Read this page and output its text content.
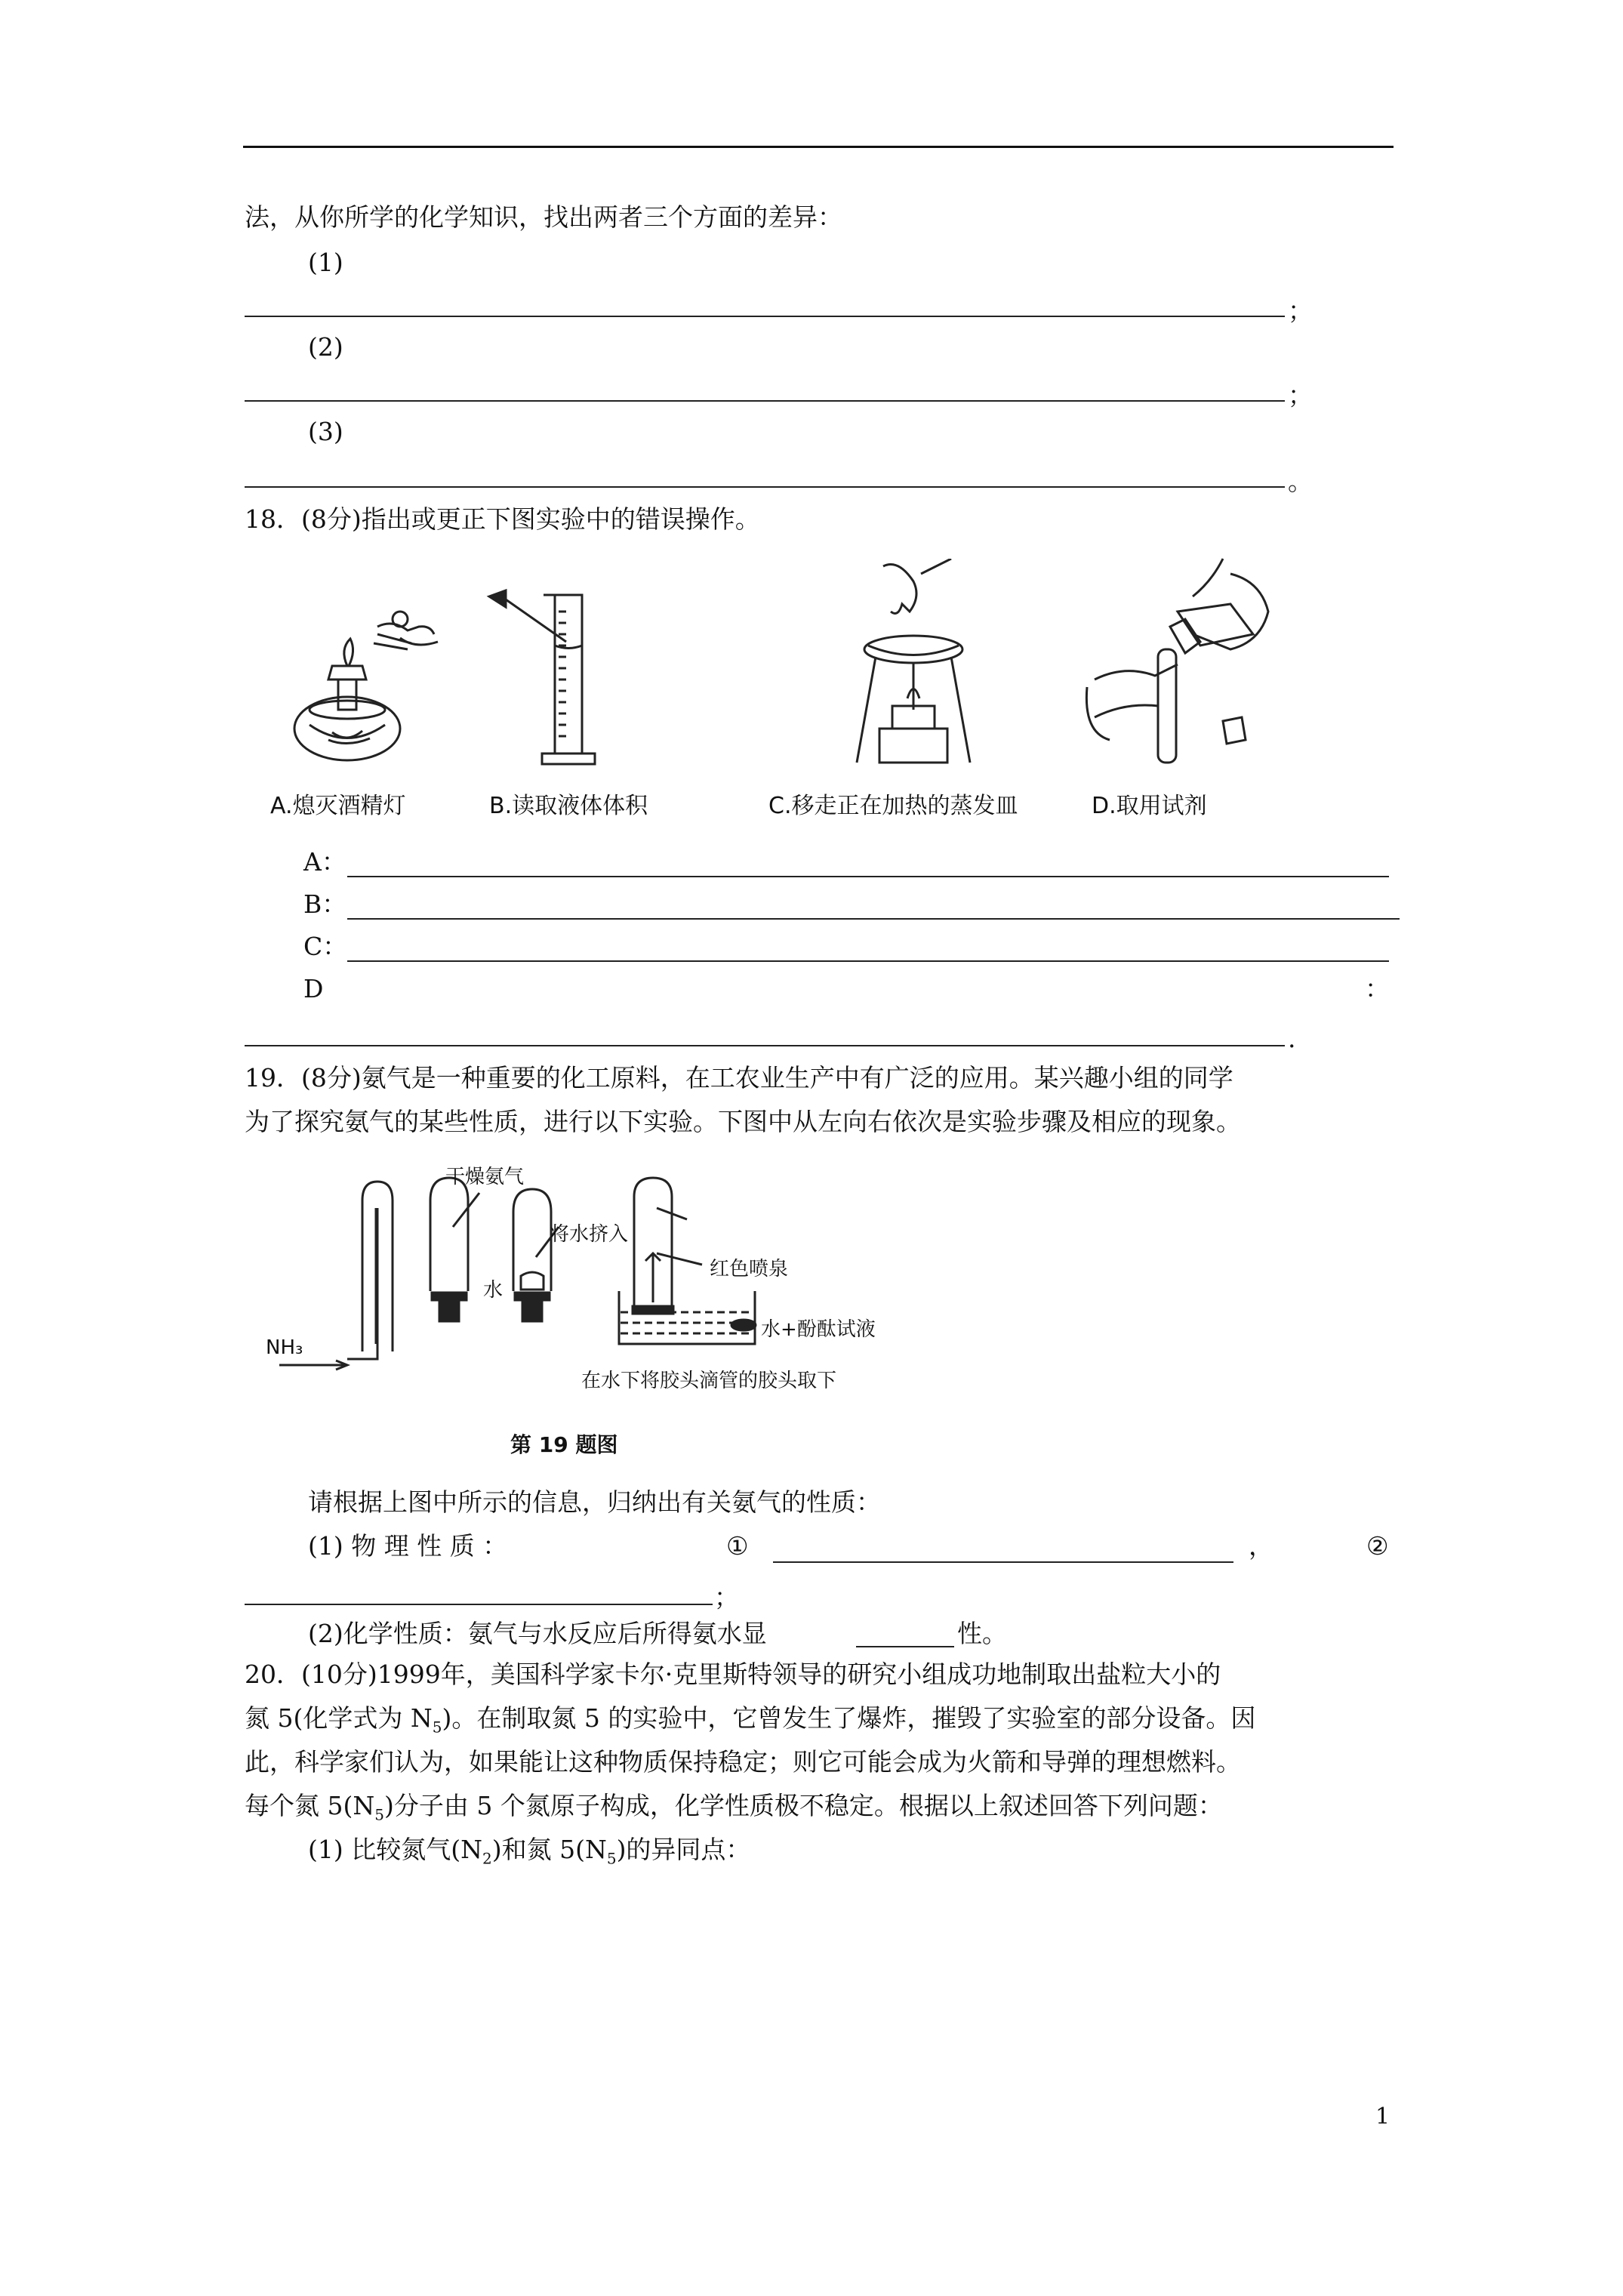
法，从你所学的化学知识，找出两者三个方面的差异：
(1)
；
(2)
；
(3)
。
18．(8分)指出或更正下图实验中的错误操作。
A.熄灭酒精灯	B.读取液体体积	C.移走正在加热的蒸发皿	D.取用试剂
A：
B：
C：
D	：
.
19．(8分)氨气是一种重要的化工原料，在工农业生产中有广泛的应用。某兴趣小组的同学
为了探究氨气的某些性质，进行以下实验。下图中从左向右依次是实验步骤及相应的现象。
干燥氨气
将水挤入
水
红色喷泉
NH₃
水+酚酞试液
在水下将胶头滴管的胶头取下
第 19 题图
请根据上图中所示的信息，归纳出有关氨气的性质：
(1) 物 理 性 质 ：	①	，	②
；
(2)化学性质：氨气与水反应后所得氨水显	性。
20．(10分)1999年，美国科学家卡尔·克里斯特领导的研究小组成功地制取出盐粒大小的
氮 5(化学式为 $N_5$)。在制取氮 5 的实验中，它曾发生了爆炸，摧毁了实验室的部分设备。因
此，科学家们认为，如果能让这种物质保持稳定；则它可能会成为火箭和导弹的理想燃料。
每个氮 $5(N_5)$分子由 5 个氮原子构成，化学性质极不稳定。根据以上叙述回答下列问题：
(1) 比较氮气$(N_2)$和氮 $5(N_5)$的异同点：
1
